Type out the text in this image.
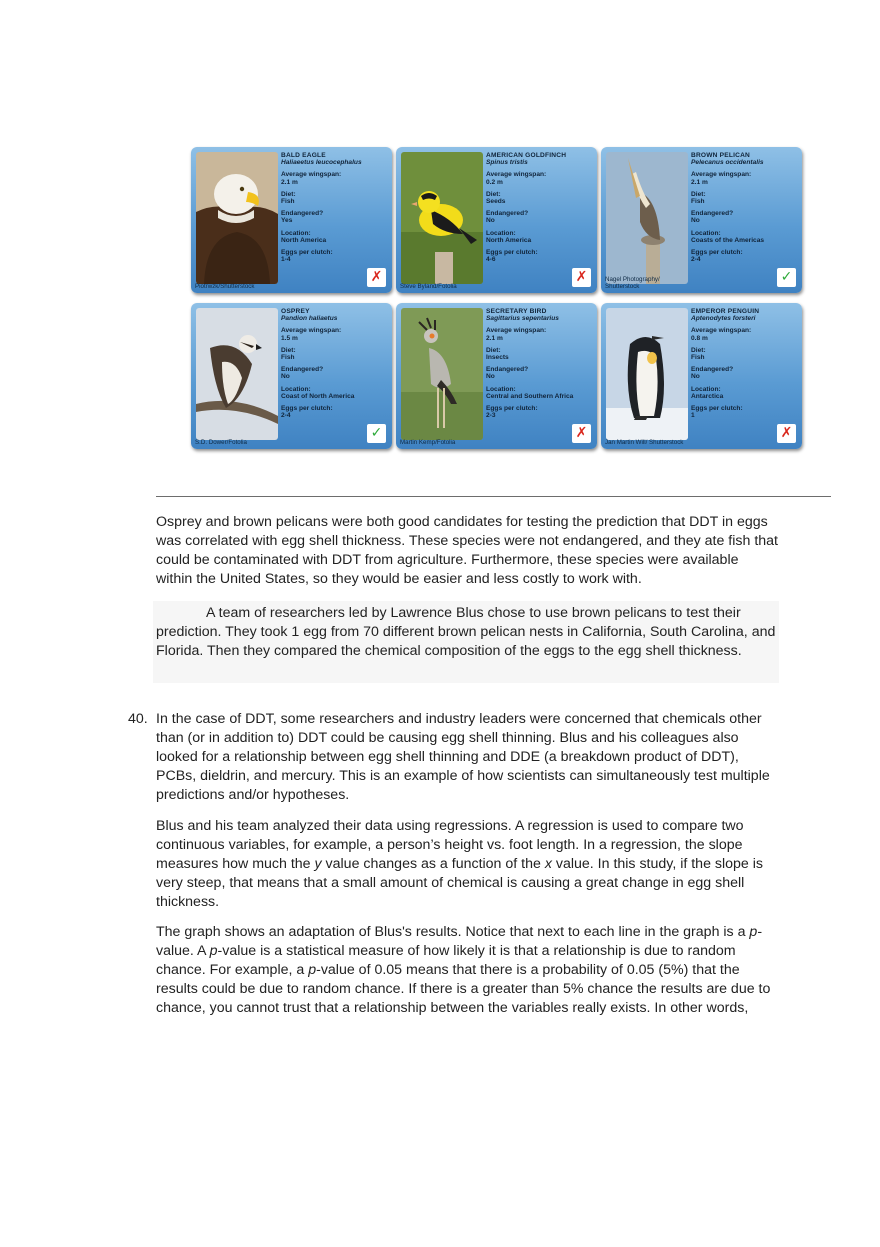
Piotrwzk/Shutterstock
BALD EAGLE
Haliaeetus leucocephalus
Average wingspan:
2.1 m
Diet:
Fish
Endangered?
Yes
Location:
North America
Eggs per clutch:
1-4
✗
Steve Byland/Fotolia
AMERICAN GOLDFINCH
Spinus tristis
Average wingspan:
0.2 m
Diet:
Seeds
Endangered?
No
Location:
North America
Eggs per clutch:
4-6
✗	Nagel Photography/ Shutterstock
BROWN PELICAN
Pelecanus occidentalis
Average wingspan:
2.1 m
Diet:
Fish
Endangered?
No
Location:
Coasts of the Americas
Eggs per clutch:
2-4
✓
S.D. Dower/Fotolia
OSPREY
Pandion haliaetus
Average wingspan:
1.5 m
Diet:
Fish
Endangered?
No
Location:
Coast of North America
Eggs per clutch:
2-4
✓
Martin Kemp/Fotolia
SECRETARY BIRD
Sagittarius sepentarius
Average wingspan:
2.1 m
Diet:
Insects
Endangered?
No
Location:
Central and Southern Africa
Eggs per clutch:
2-3
✗
Jan Martin Will/ Shutterstock
EMPEROR PENGUIN
Aptenodytes forsteri
Average wingspan:
0.8 m
Diet:
Fish
Endangered?
No
Location:
Antarctica
Eggs per clutch:
1
✗

Osprey and brown pelicans were both good candidates for testing the prediction that DDT in eggs was correlated with egg shell thickness. These species were not endangered, and they ate fish that could be contaminated with DDT from agriculture. Furthermore, these species were available within the United States, so they would be easier and less costly to work with.

A team of researchers led by Lawrence Blus chose to use brown pelicans to test their prediction. They took 1 egg from 70 different brown pelican nests in California, South Carolina, and Florida. Then they compared the chemical composition of the eggs to the egg shell thickness.

40. In the case of DDT, some researchers and industry leaders were concerned that chemicals other than (or in addition to) DDT could be causing egg shell thinning. Blus and his colleagues also looked for a relationship between egg shell thinning and DDE (a breakdown product of DDT), PCBs, dieldrin, and mercury. This is an example of how scientists can simultaneously test multiple predictions and/or hypotheses.

Blus and his team analyzed their data using regressions. A regression is used to compare two continuous variables, for example, a person’s height vs. foot length. In a regression, the slope measures how much the y value changes as a function of the x value. In this study, if the slope is very steep, that means that a small amount of chemical is causing a great change in egg shell thickness.

The graph shows an adaptation of Blus's results. Notice that next to each line in the graph is a p-value. A p-value is a statistical measure of how likely it is that a relationship is due to random chance. For example, a p-value of 0.05 means that there is a probability of 0.05 (5%) that the results could be due to random chance. If there is a greater than 5% chance the results are due to chance, you cannot trust that a relationship between the variables really exists. In other words,
